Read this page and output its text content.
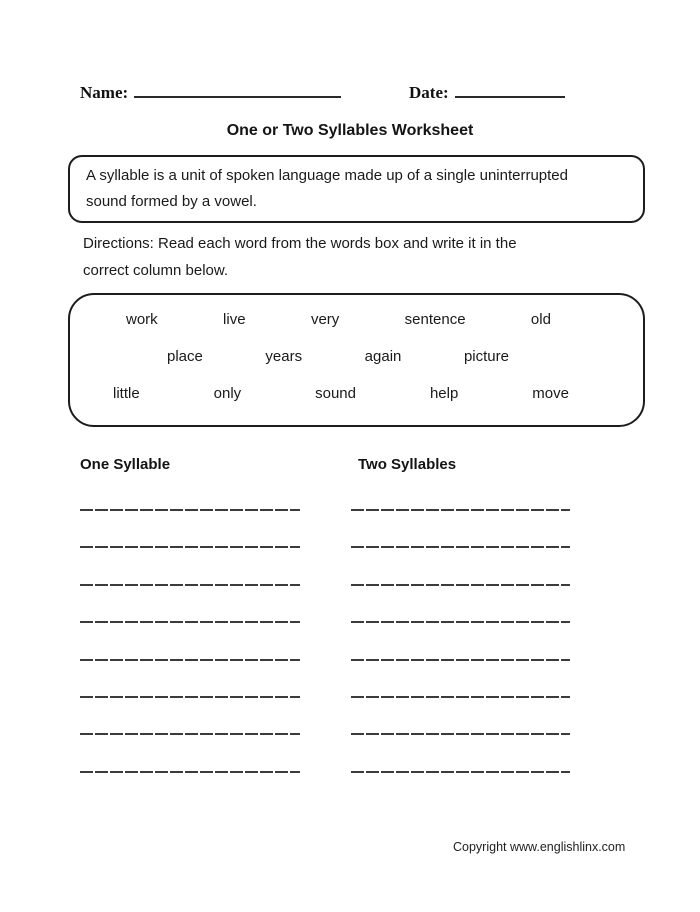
Name:	Date:
One or Two Syllables Worksheet
A syllable is a unit of spoken language made up of a single uninterrupted
sound formed by a vowel.
Directions: Read each word from the words box and write it in the
correct column below.
work	live	very	sentence	old
place	years	again	picture
little	only	sound	help	move
One Syllable	Two Syllables
Copyright www.englishlinx.com
